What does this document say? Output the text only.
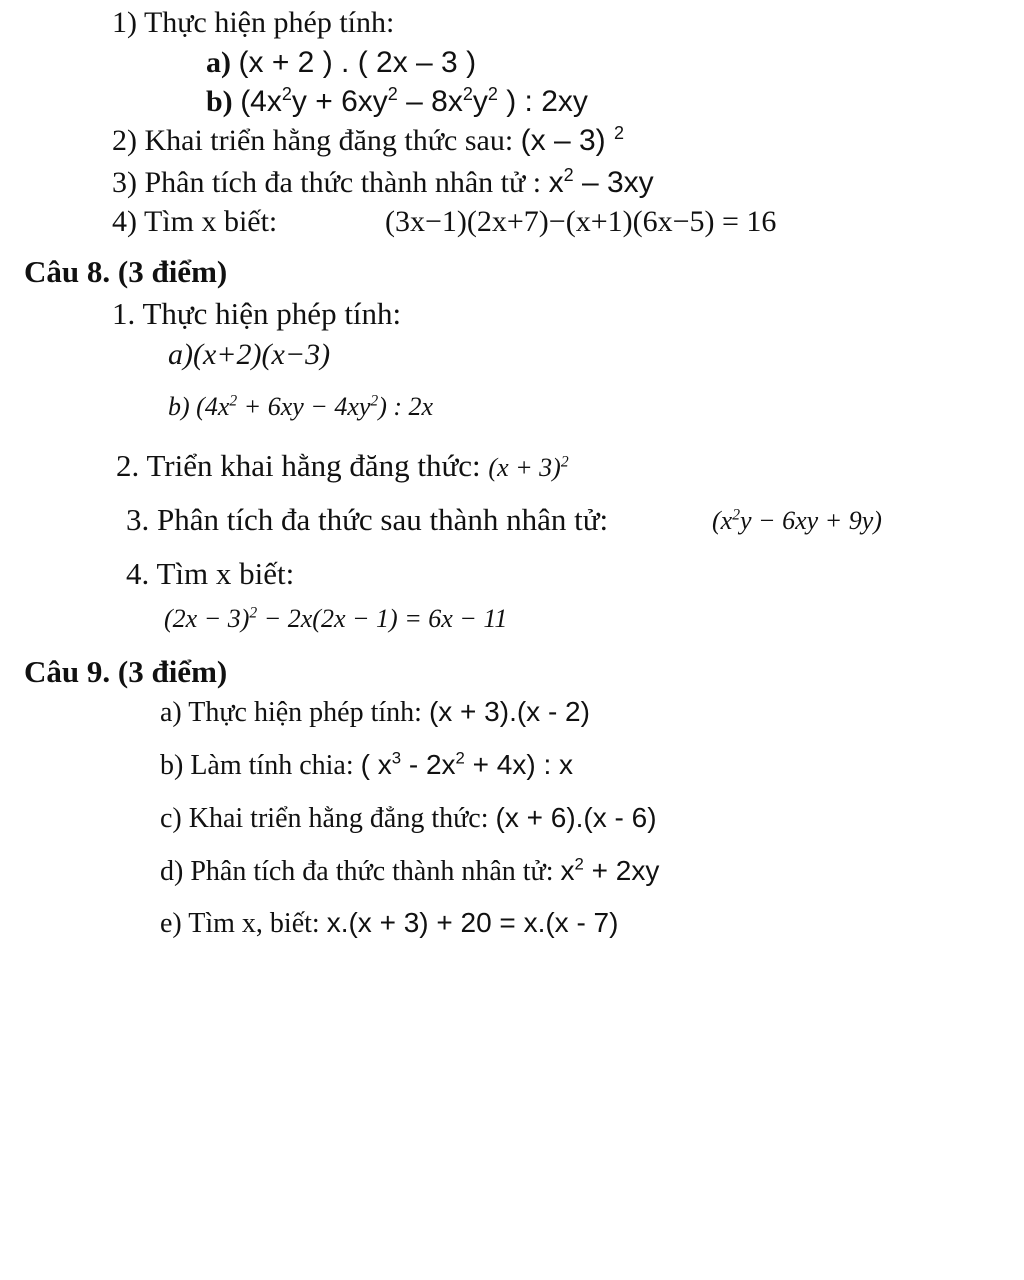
1) Thực hiện phép tính:
a) (x + 2 ) . ( 2x – 3 )
b) ($4x^2y + 6xy^2 - 8x^2y^2$ ) : 2xy
2) Khai triển hằng đăng thức sau: (x – 3) $^2$
3) Phân tích đa thức thành nhân tử : $x^2 - 3xy$
4) Tìm x biết:	(3x−1)(2x+7)−(x+1)(6x−5) = 16
Câu 8. (3 điểm)
1. Thực hiện phép tính:
a)(x+2)(x−3)
b) $(4x^2 + 6xy - 4xy^2)$ : 2x
2. Triển khai hằng đăng thức: $(x + 3)^2$
3. Phân tích đa thức sau thành nhân tử:	$(x^2y - 6xy + 9y)$
4. Tìm x biết:
$(2x - 3)^2 - 2x(2x - 1) = 6x - 11$
Câu 9. (3 điểm)
a) Thực hiện phép tính: (x + 3).(x - 2)
b) Làm tính chia: ( $x^3 - 2x^2 + 4x$) : x
c) Khai triển hằng đẳng thức: (x + 6).(x - 6)
d) Phân tích đa thức thành nhân tử: $x^2 + 2xy$
e) Tìm x, biết: x.(x + 3) + 20 = x.(x - 7)
